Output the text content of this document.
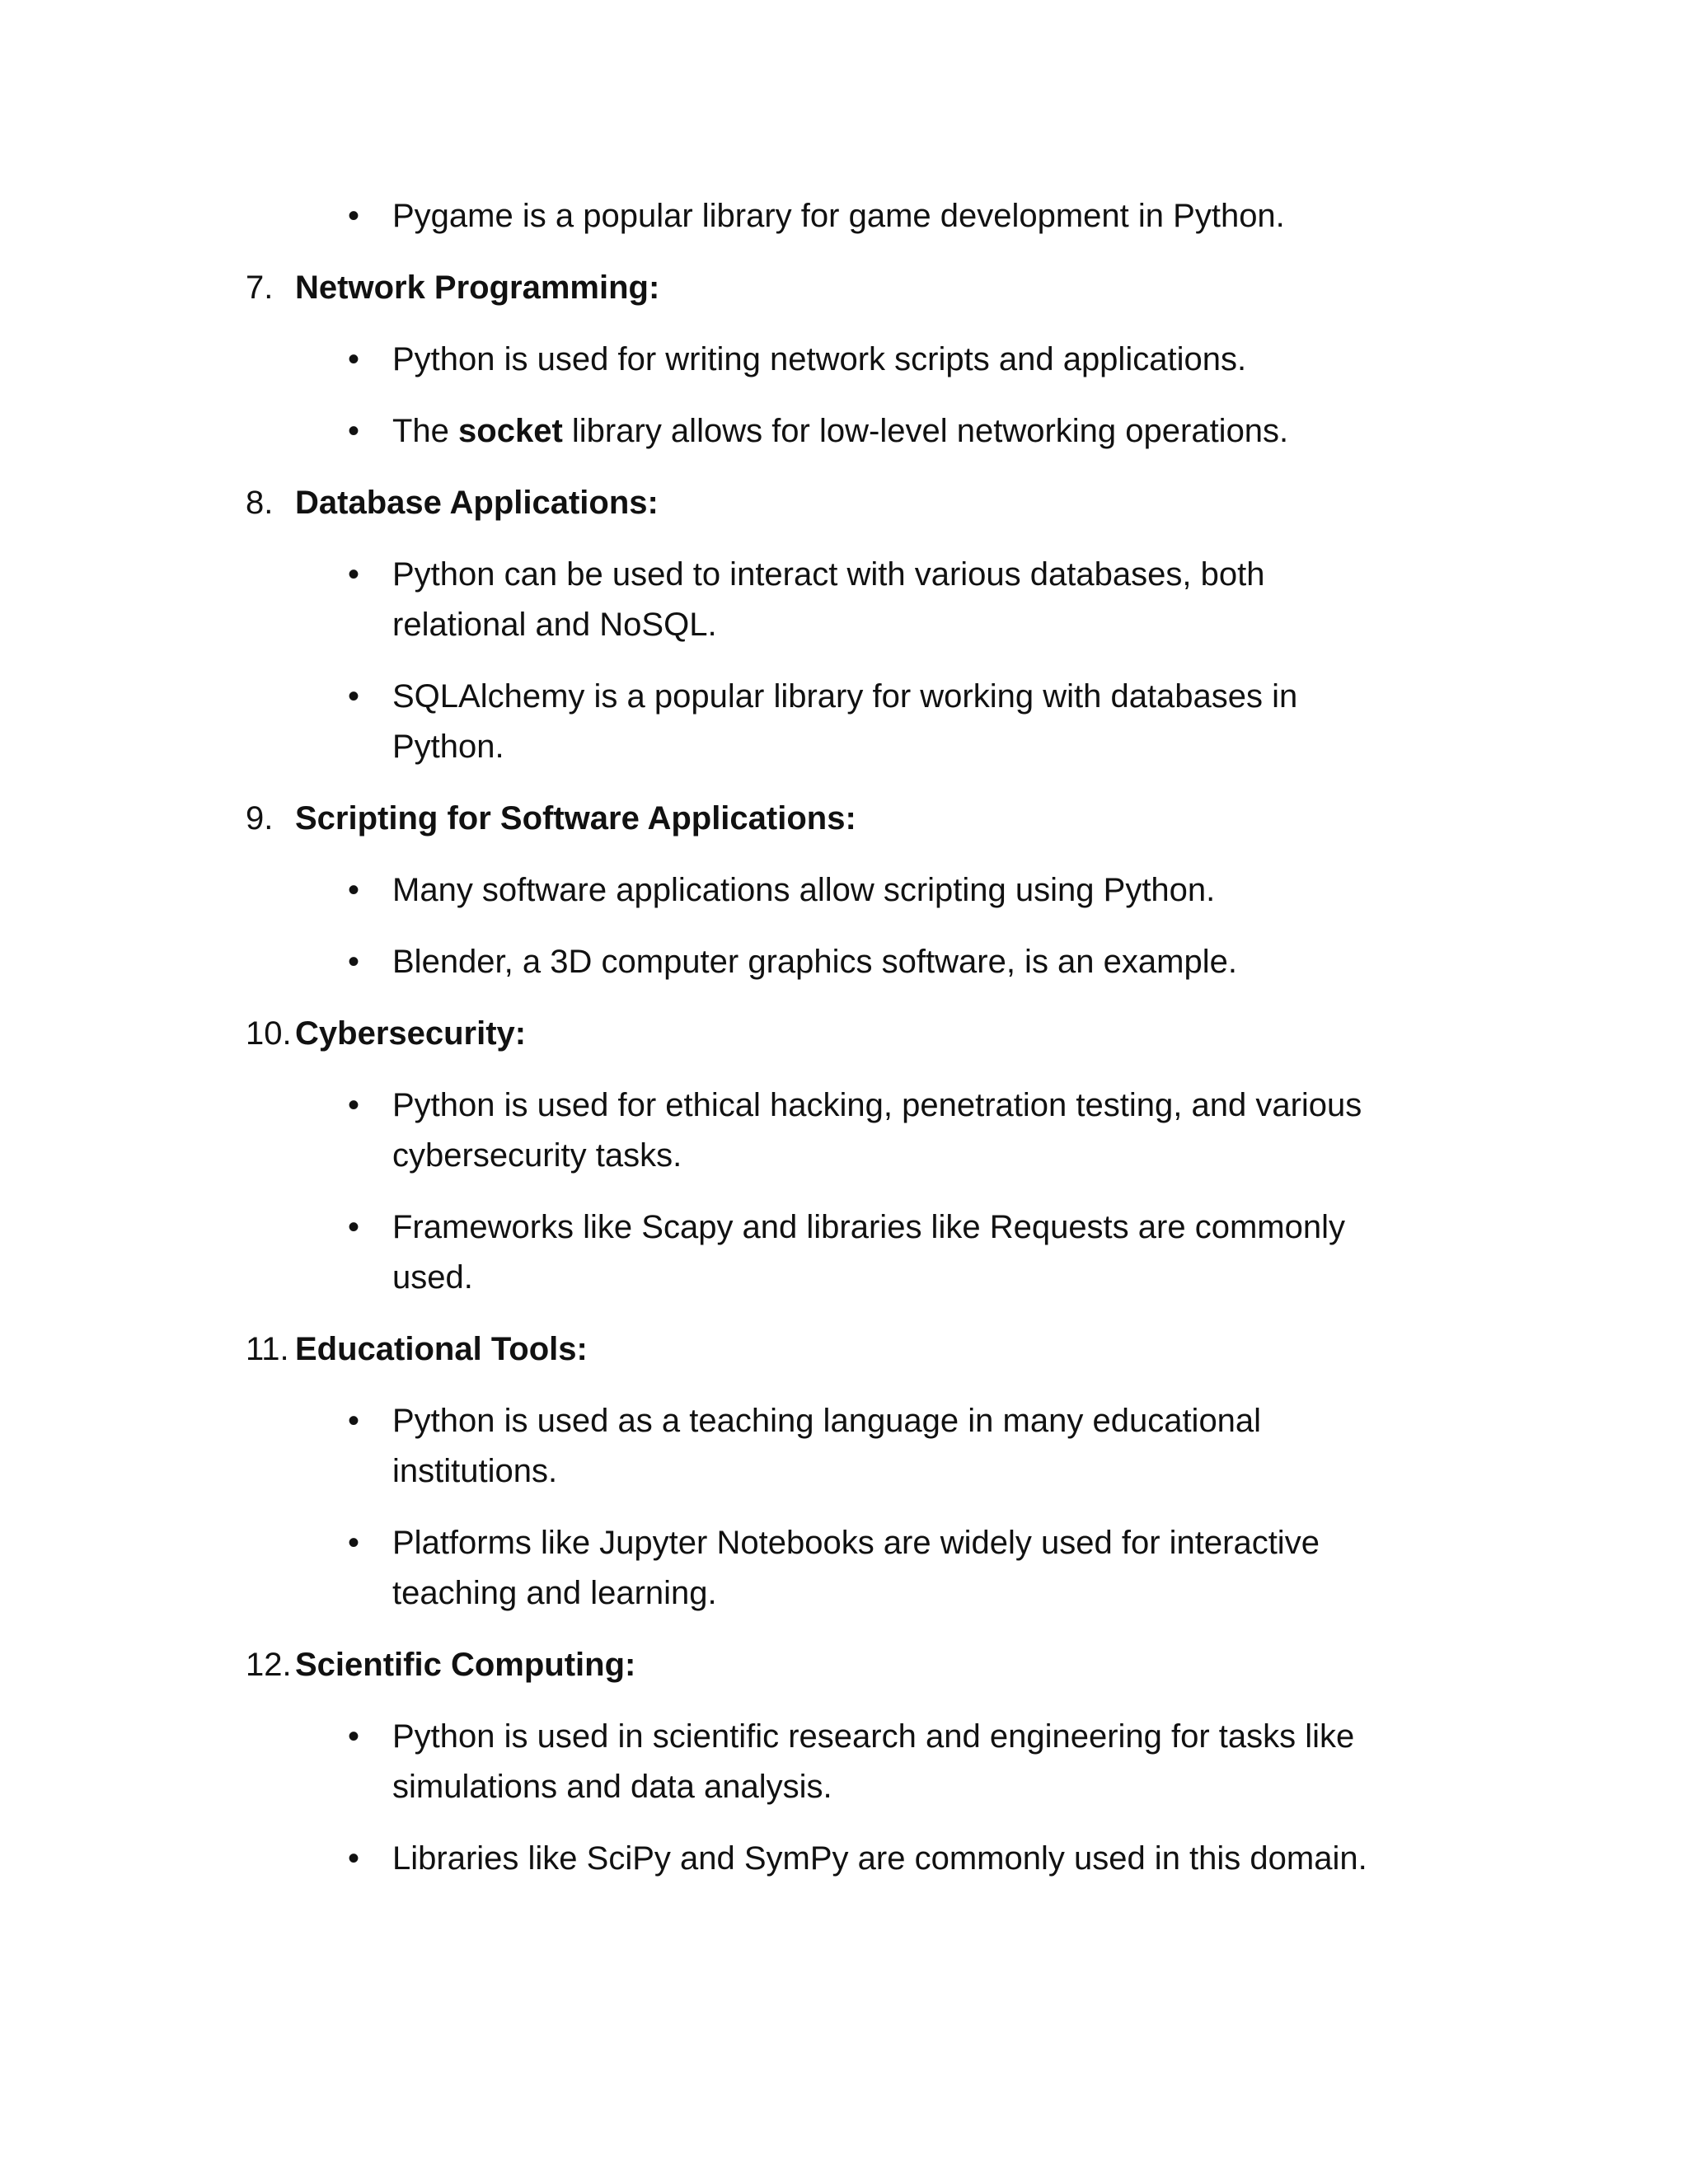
• Pygame is a popular library for game development in Python.
7. Network Programming:
• Python is used for writing network scripts and applications.
• The socket library allows for low-level networking operations.
8. Database Applications:
• Python can be used to interact with various databases, both
relational and NoSQL.
• SQLAlchemy is a popular library for working with databases in
Python.
9. Scripting for Software Applications:
• Many software applications allow scripting using Python.
• Blender, a 3D computer graphics software, is an example.
10. Cybersecurity:
• Python is used for ethical hacking, penetration testing, and various
cybersecurity tasks.
• Frameworks like Scapy and libraries like Requests are commonly
used.
11. Educational Tools:
• Python is used as a teaching language in many educational
institutions.
• Platforms like Jupyter Notebooks are widely used for interactive
teaching and learning.
12. Scientific Computing:
• Python is used in scientific research and engineering for tasks like
simulations and data analysis.
• Libraries like SciPy and SymPy are commonly used in this domain.
